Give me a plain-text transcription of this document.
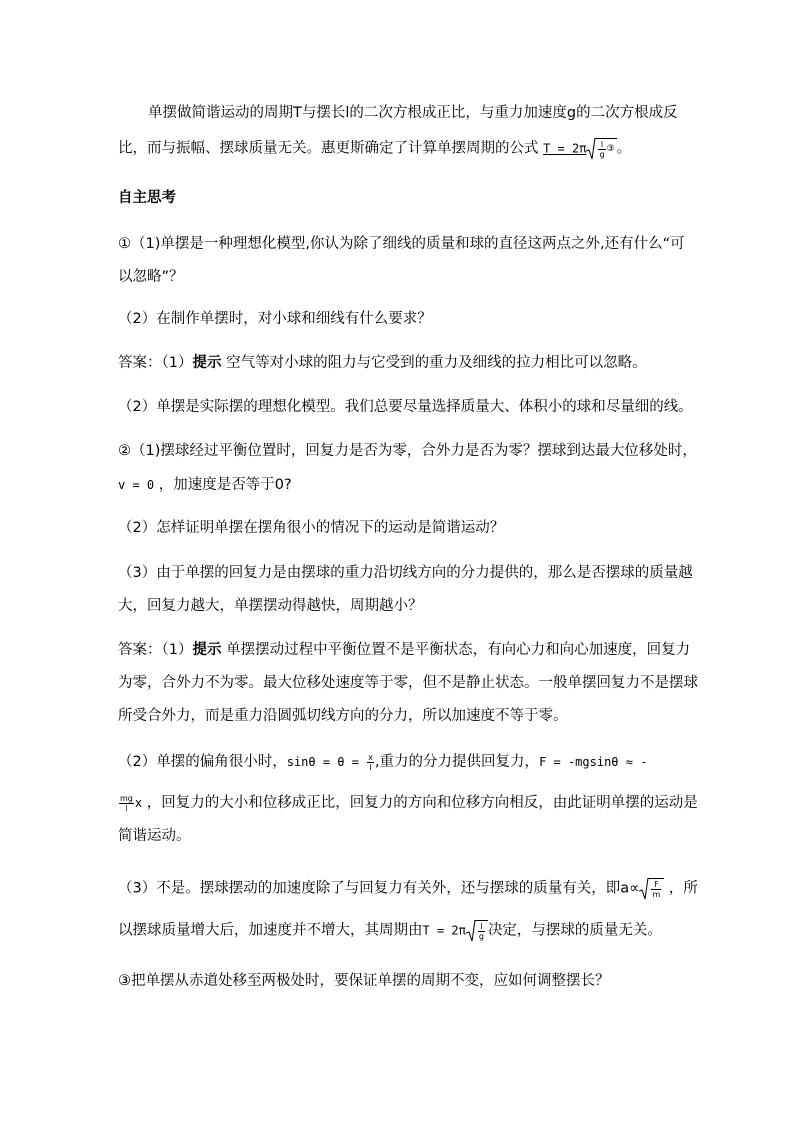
单摆做简谐运动的周期T与摆长l的二次方根成正比，与重力加速度g的二次方根成反
比，而与振幅、摆球质量无关。惠更斯确定了计算单摆周期的公式 $T = 2\pi \frac{l}{g} ^③$ 。
自主思考
①（1)单摆是一种理想化模型,你认为除了细线的质量和球的直径这两点之外,还有什么“可
以忽略”？
（2）在制作单摆时，对小球和细线有什么要求？
答案：（1）提示 空气等对小球的阻力与它受到的重力及细线的拉力相比可以忽略。
（2）单摆是实际摆的理想化模型。我们总要尽量选择质量大、体积小的球和尽量细的线。
②（1)摆球经过平衡位置时，回复力是否为零，合外力是否为零？摆球到达最大位移处时，
v = 0 ，加速度是否等于0?
（2）怎样证明单摆在摆角很小的情况下的运动是简谐运动？
（3）由于单摆的回复力是由摆球的重力沿切线方向的分力提供的，那么是否摆球的质量越
大，回复力越大，单摆摆动得越快，周期越小？
答案：（1）提示 单摆摆动过程中平衡位置不是平衡状态，有向心力和向心加速度，回复力
为零，合外力不为零。最大位移处速度等于零，但不是静止状态。一般单摆回复力不是摆球
所受合外力，而是重力沿圆弧切线方向的分力，所以加速度不等于零。
（2）单摆的偏角很小时，$\sin\theta = \theta = \frac{x}{l}$ ,重力的分力提供回复力，F = -mgsinθ ≈ -
$\frac{mg}{l}$ x ，回复力的大小和位移成正比，回复力的方向和位移方向相反，由此证明单摆的运动是
简谐运动。
（3）不是。摆球摆动的加速度除了与回复力有关外，还与摆球的质量有关，即$a\propto \frac{F}{m}$ ，所
以摆球质量增大后，加速度并不增大，其周期由$T = 2\pi \frac{l}{g}$ 决定，与摆球的质量无关。
③把单摆从赤道处移至两极处时，要保证单摆的周期不变，应如何调整摆长？
